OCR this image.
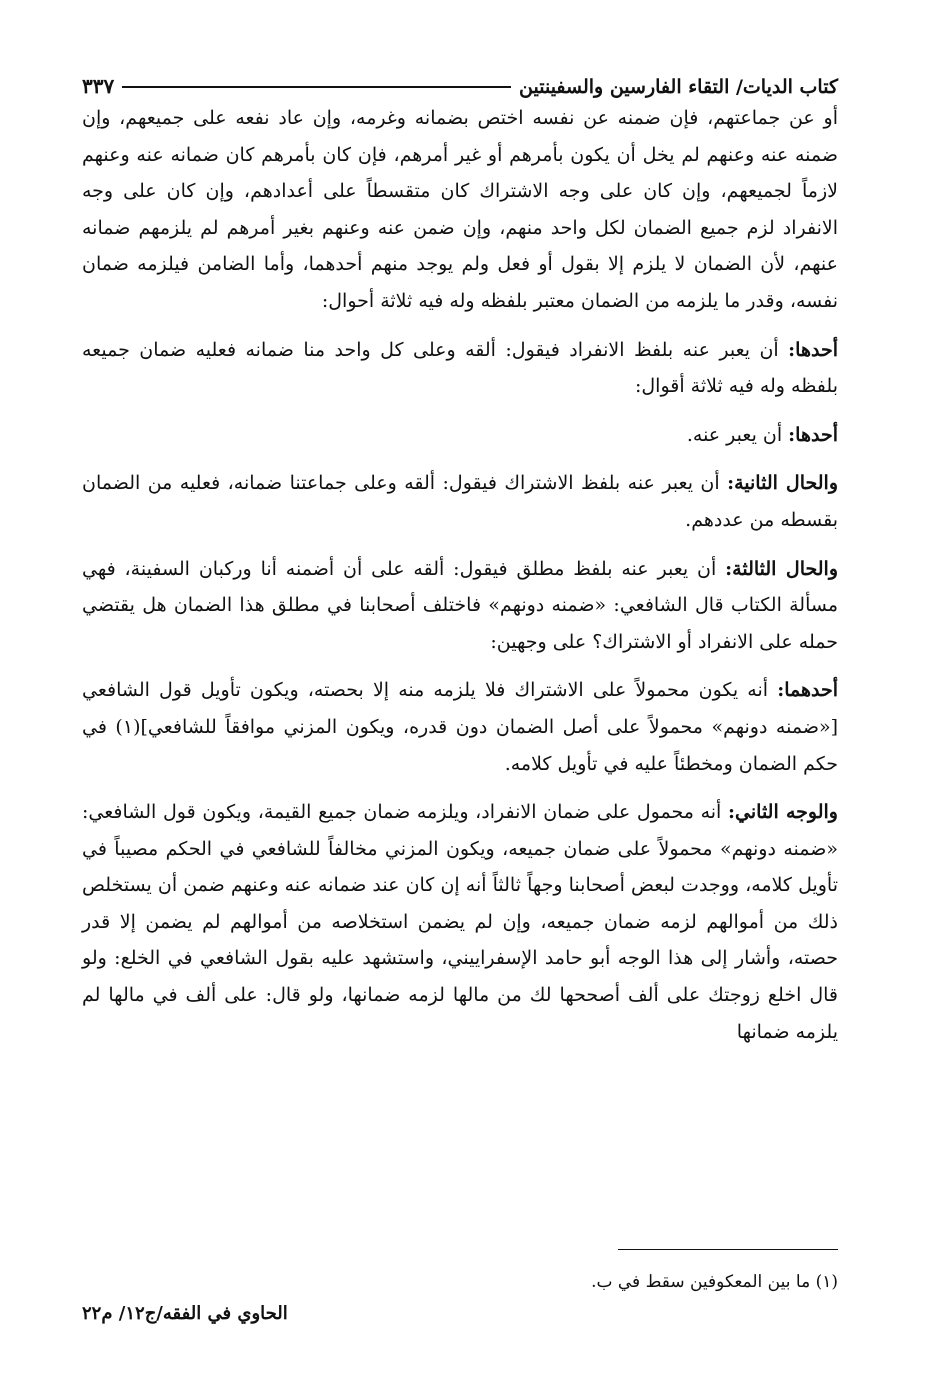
كتاب الديات/ التقاء الفارسين والسفينتين
٣٣٧

أو عن جماعتهم، فإن ضمنه عن نفسه اختص بضمانه وغرمه، وإن عاد نفعه على جميعهم، وإن ضمنه عنه وعنهم لم يخل أن يكون بأمرهم أو غير أمرهم، فإن كان بأمرهم كان ضمانه عنه وعنهم لازماً لجميعهم، وإن كان على وجه الاشتراك كان متقسطاً على أعدادهم، وإن كان على وجه الانفراد لزم جميع الضمان لكل واحد منهم، وإن ضمن عنه وعنهم بغير أمرهم لم يلزمهم ضمانه عنهم، لأن الضمان لا يلزم إلا بقول أو فعل ولم يوجد منهم أحدهما، وأما الضامن فيلزمه ضمان نفسه، وقدر ما يلزمه من الضمان معتبر بلفظه وله فيه ثلاثة أحوال:

أحدها: أن يعبر عنه بلفظ الانفراد فيقول: ألقه وعلى كل واحد منا ضمانه فعليه ضمان جميعه بلفظه وله فيه ثلاثة أقوال:

أحدها: أن يعبر عنه.

والحال الثانية: أن يعبر عنه بلفظ الاشتراك فيقول: ألقه وعلى جماعتنا ضمانه، فعليه من الضمان بقسطه من عددهم.

والحال الثالثة: أن يعبر عنه بلفظ مطلق فيقول: ألقه على أن أضمنه أنا وركبان السفينة، فهي مسألة الكتاب قال الشافعي: «ضمنه دونهم» فاختلف أصحابنا في مطلق هذا الضمان هل يقتضي حمله على الانفراد أو الاشتراك؟ على وجهين:

أحدهما: أنه يكون محمولاً على الاشتراك فلا يلزمه منه إلا بحصته، ويكون تأويل قول الشافعي [«ضمنه دونهم» محمولاً على أصل الضمان دون قدره، ويكون المزني موافقاً للشافعي](١) في حكم الضمان ومخطئاً عليه في تأويل كلامه.

والوجه الثاني: أنه محمول على ضمان الانفراد، ويلزمه ضمان جميع القيمة، ويكون قول الشافعي: «ضمنه دونهم» محمولاً على ضمان جميعه، ويكون المزني مخالفاً للشافعي في الحكم مصيباً في تأويل كلامه، ووجدت لبعض أصحابنا وجهاً ثالثاً أنه إن كان عند ضمانه عنه وعنهم ضمن أن يستخلص ذلك من أموالهم لزمه ضمان جميعه، وإن لم يضمن استخلاصه من أموالهم لم يضمن إلا قدر حصته، وأشار إلى هذا الوجه أبو حامد الإسفراييني، واستشهد عليه بقول الشافعي في الخلع: ولو قال اخلع زوجتك على ألف أصححها لك من مالها لزمه ضمانها، ولو قال: على ألف في مالها لم يلزمه ضمانها

(١) ما بين المعكوفين سقط في ب.
الحاوي في الفقه/ج١٢/ م٢٢
